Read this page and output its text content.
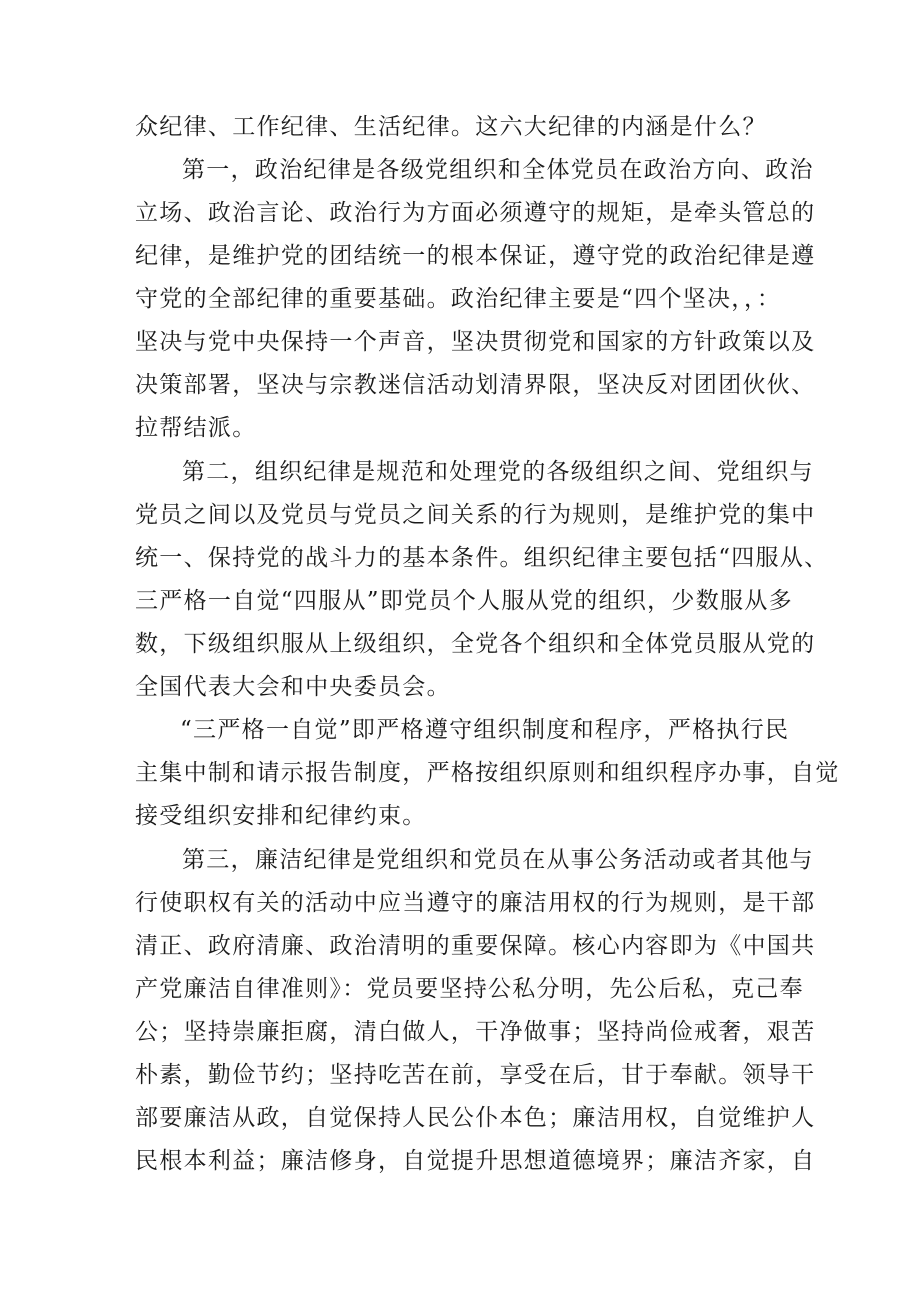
众纪律、工作纪律、生活纪律。这六大纪律的内涵是什么？
第一，政治纪律是各级党组织和全体党员在政治方向、政治
立场、政治言论、政治行为方面必须遵守的规矩，是牵头管总的
纪律，是维护党的团结统一的根本保证，遵守党的政治纪律是遵
守党的全部纪律的重要基础。政治纪律主要是“四个坚决，，：
坚决与党中央保持一个声音，坚决贯彻党和国家的方针政策以及
决策部署，坚决与宗教迷信活动划清界限，坚决反对团团伙伙、
拉帮结派。
第二，组织纪律是规范和处理党的各级组织之间、党组织与
党员之间以及党员与党员之间关系的行为规则，是维护党的集中
统一、保持党的战斗力的基本条件。组织纪律主要包括“四服从、
三严格一自觉“四服从”即党员个人服从党的组织，少数服从多
数，下级组织服从上级组织，全党各个组织和全体党员服从党的
全国代表大会和中央委员会。
“三严格一自觉”即严格遵守组织制度和程序，严格执行民
主集中制和请示报告制度，严格按组织原则和组织程序办事，自觉
接受组织安排和纪律约束。
第三，廉洁纪律是党组织和党员在从事公务活动或者其他与
行使职权有关的活动中应当遵守的廉洁用权的行为规则，是干部
清正、政府清廉、政治清明的重要保障。核心内容即为《中国共
产党廉洁自律准则》：党员要坚持公私分明，先公后私，克己奉
公；坚持崇廉拒腐，清白做人，干净做事；坚持尚俭戒奢，艰苦
朴素，勤俭节约；坚持吃苦在前，享受在后，甘于奉献。领导干
部要廉洁从政，自觉保持人民公仆本色；廉洁用权，自觉维护人
民根本利益；廉洁修身，自觉提升思想道德境界；廉洁齐家，自
